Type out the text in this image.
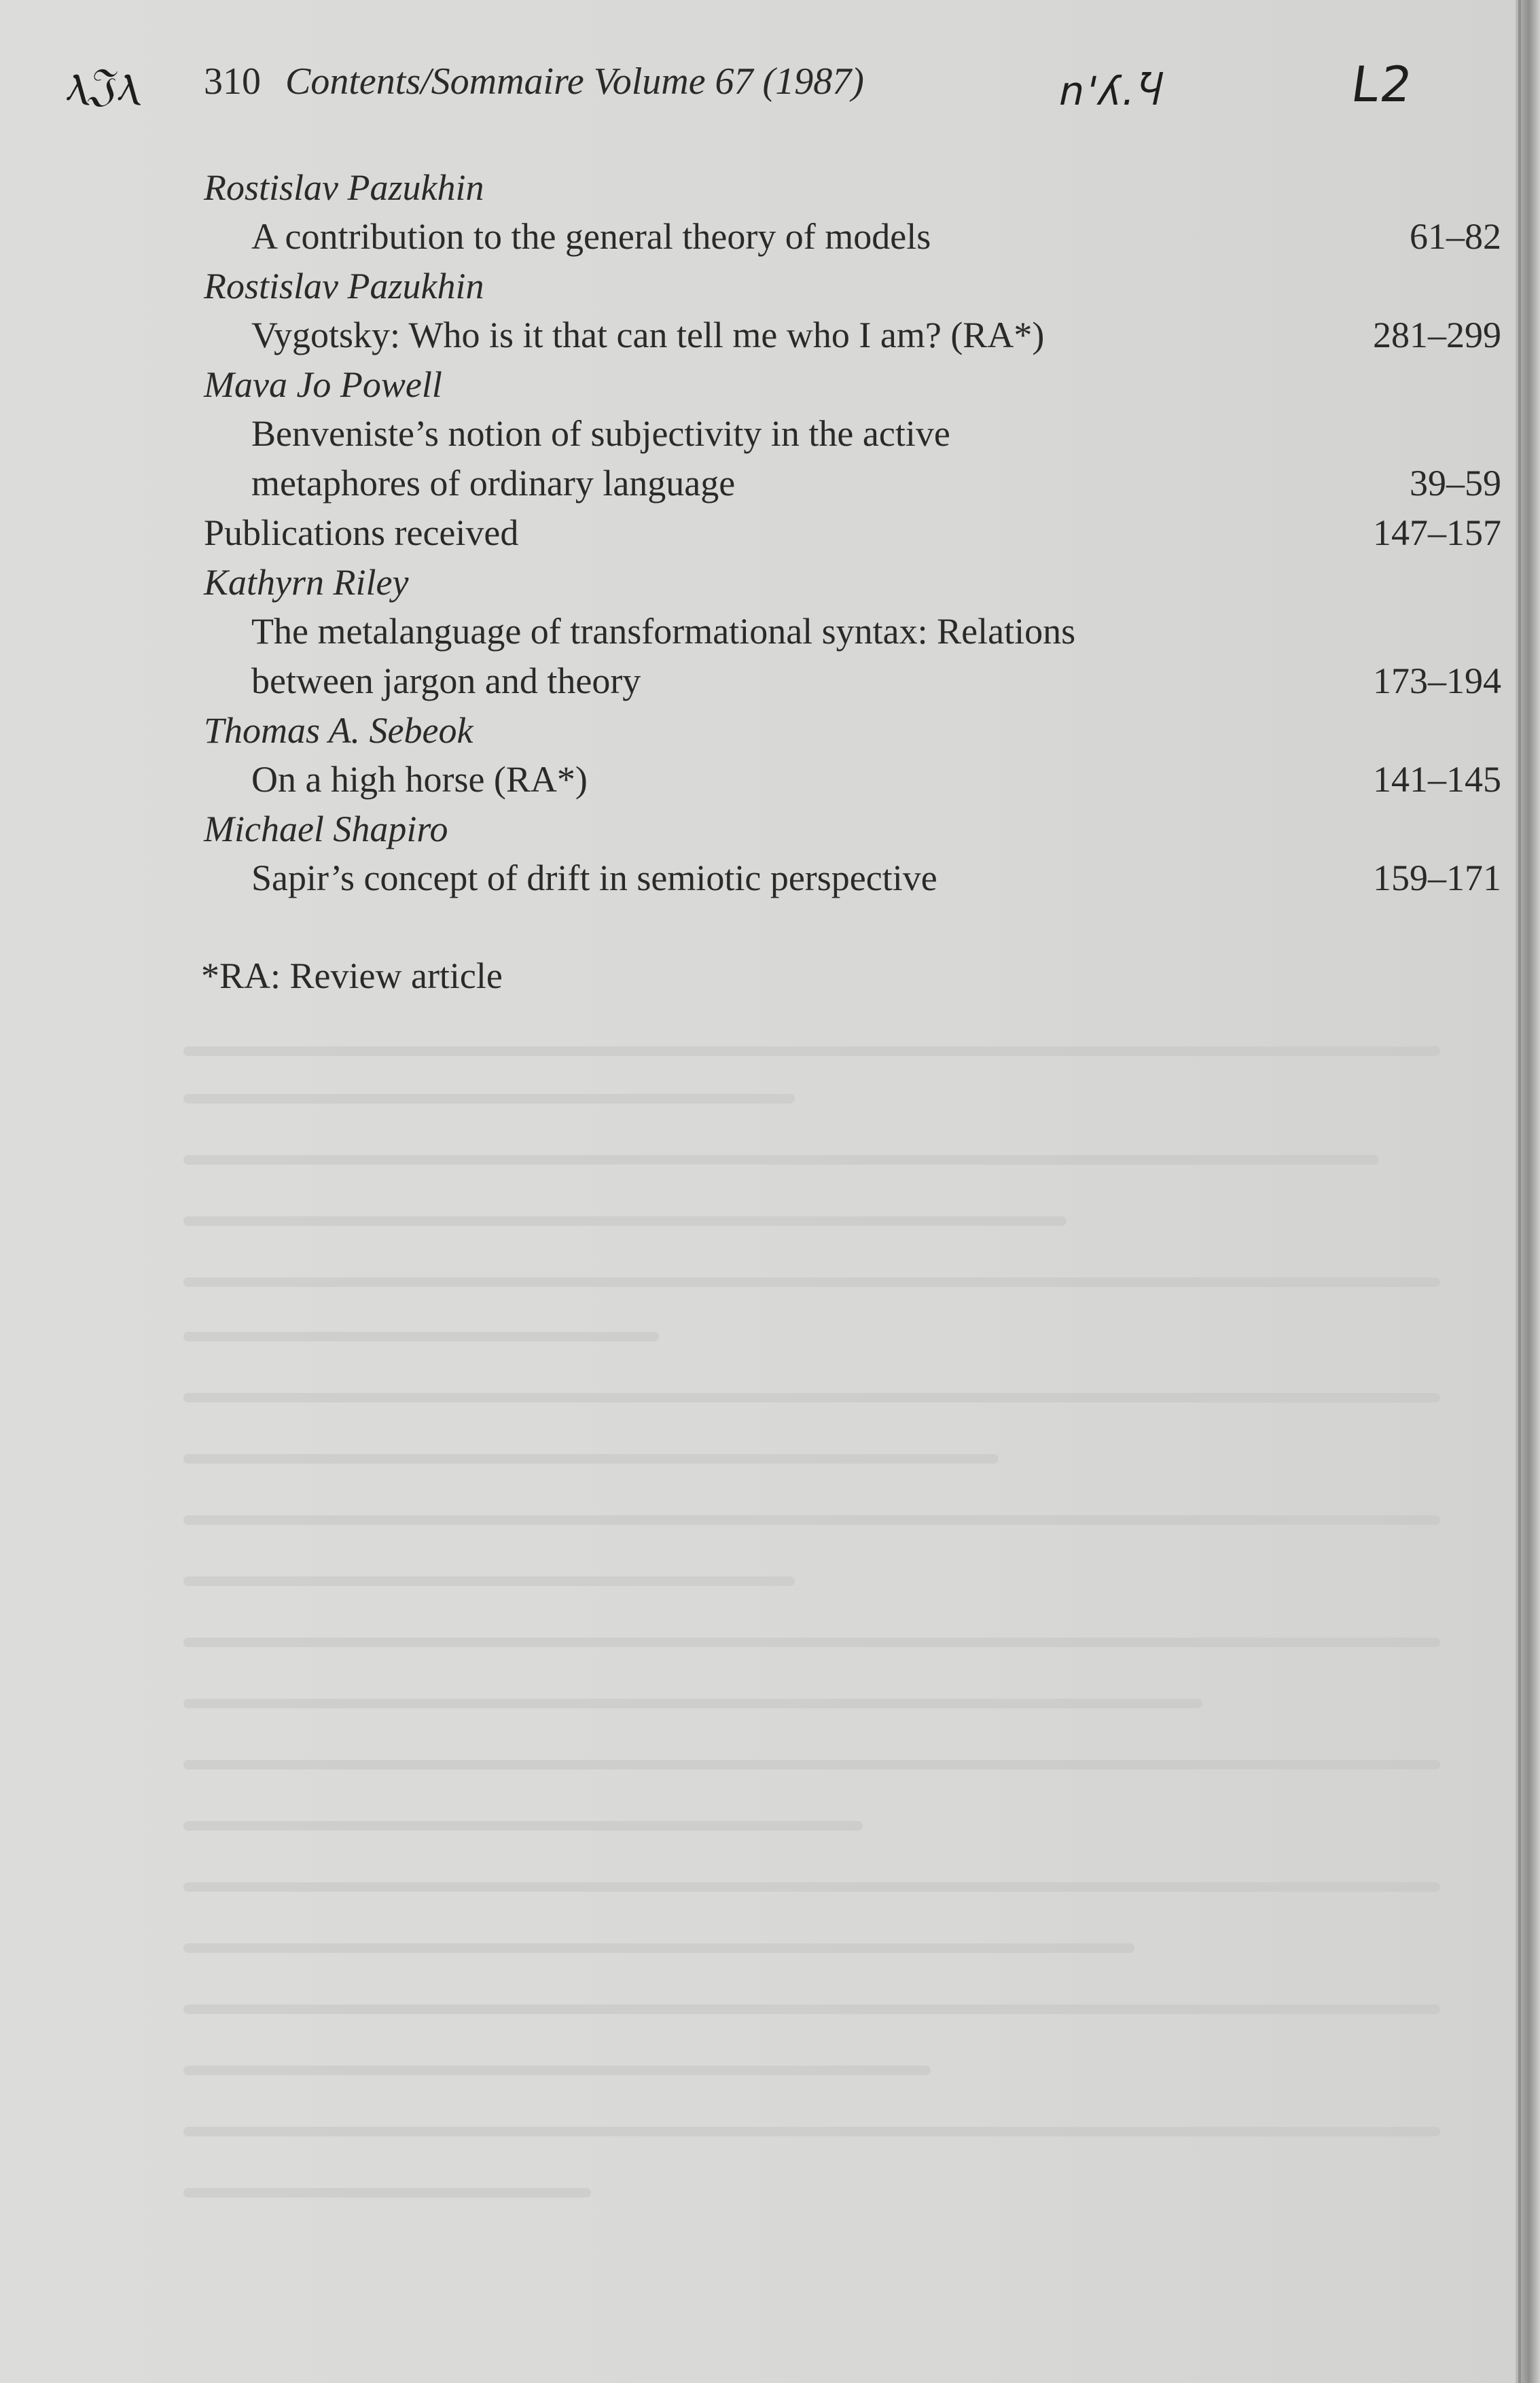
ⲗ𝔍ⲗ 310 Contents/Sommaire Volume 67 (1987)	ո'ʎ.Ⴏ	L2
Rostislav Pazukhin
A contribution to the general theory of models	61–82
Rostislav Pazukhin
Vygotsky: Who is it that can tell me who I am? (RA*)	281–299
Mava Jo Powell
Benveniste’s notion of subjectivity in the active
metaphores of ordinary language	39–59
Publications received	147–157
Kathyrn Riley
The metalanguage of transformational syntax: Relations
between jargon and theory	173–194
Thomas A. Sebeok
On a high horse (RA*)	141–145
Michael Shapiro
Sapir’s concept of drift in semiotic perspective	159–171
*RA: Review article
